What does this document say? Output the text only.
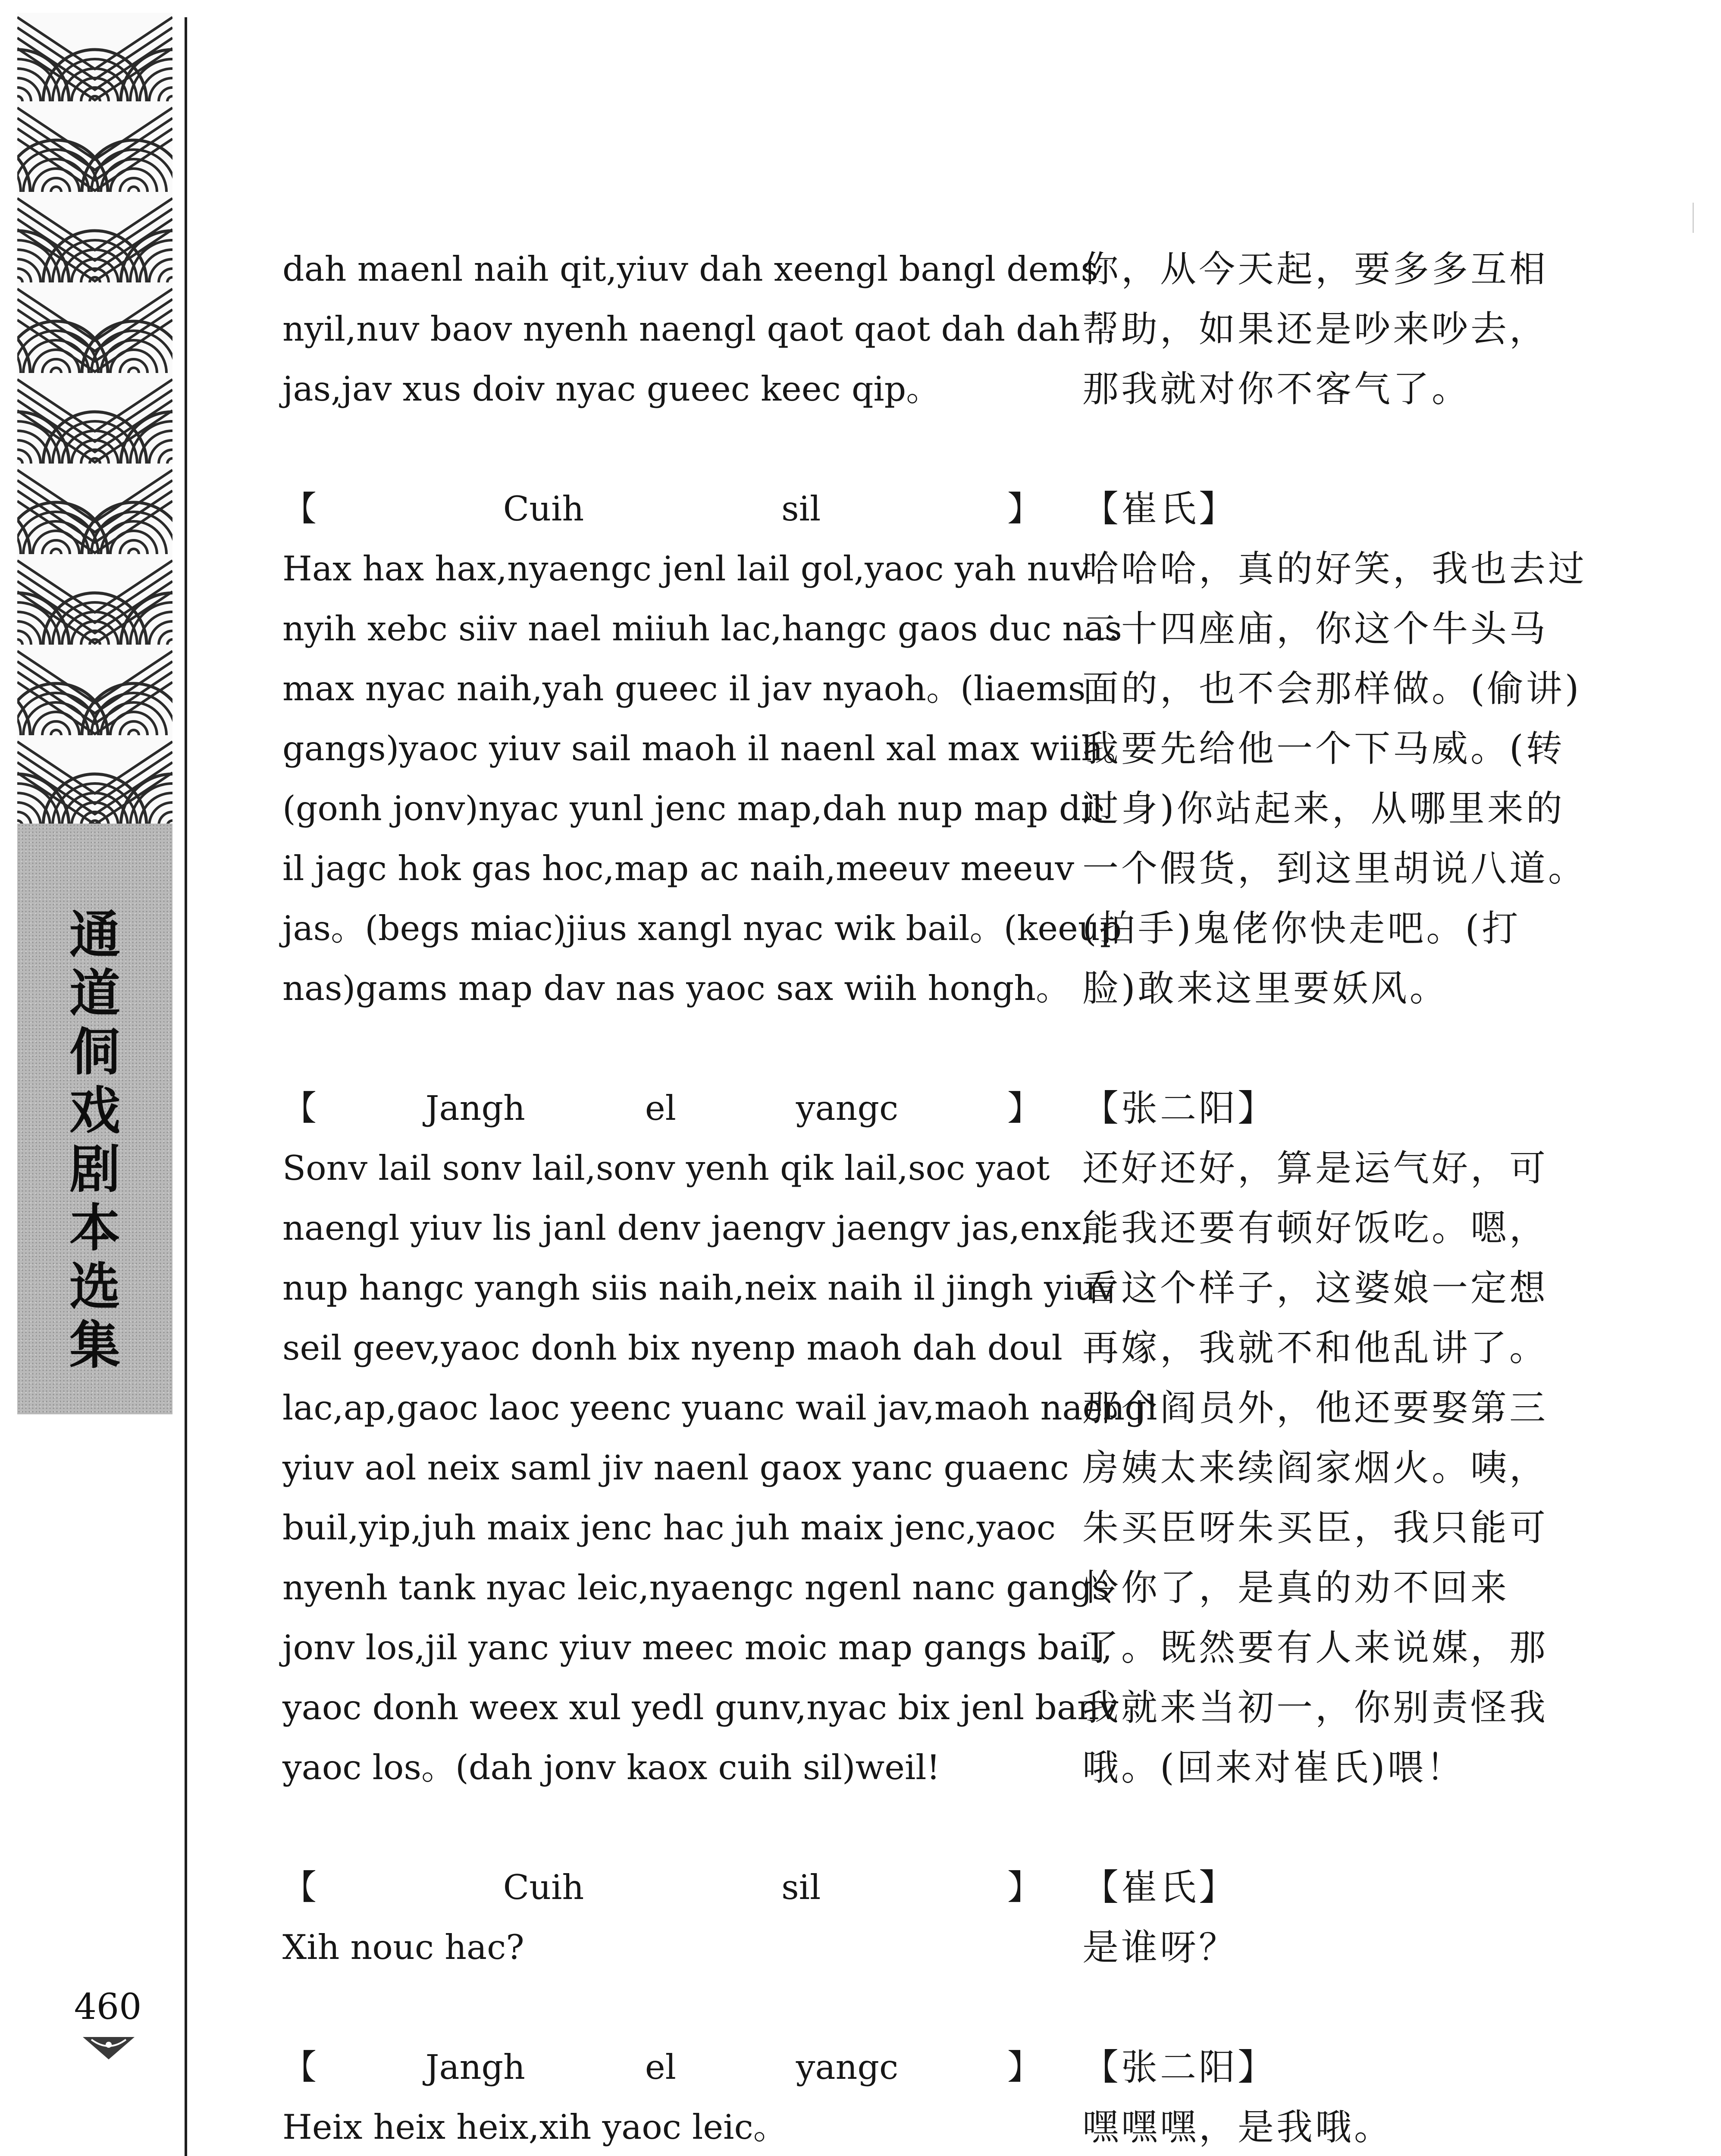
通
道
侗
戏
剧
本
选
集
460
dah maenl naih qit,yiuv dah xeengl bangl dems
nyil,nuv baov nyenh naengl qaot qaot dah dah
jas,jav xus doiv nyac gueec keec qip。
【Cuih sil】
Hax hax hax,nyaengc jenl lail gol,yaoc yah nuv
nyih xebc siiv nael miiuh lac,hangc gaos duc nas
max nyac naih,yah gueec il jav nyaoh。(liaems
gangs)yaoc yiuv sail maoh il naenl xal max wiih。
(gonh jonv)nyac yunl jenc map,dah nup map dil
il jagc hok gas hoc,map ac naih,meeuv meeuv
jas。(begs miac)jius xangl nyac wik bail。(keeup
nas)gams map dav nas yaoc sax wiih hongh。
【Jangh el yangc】
Sonv lail sonv lail,sonv yenh qik lail,soc yaot
naengl yiuv lis janl denv jaengv jaengv jas,enx,
nup hangc yangh siis naih,neix naih il jingh yiuv
seil geev,yaoc donh bix nyenp maoh dah doul
lac,ap,gaoc laoc yeenc yuanc wail jav,maoh naengl
yiuv aol neix saml jiv naenl gaox yanc guaenc
buil,yip,juh maix jenc hac juh maix jenc,yaoc
nyenh tank nyac leic,nyaengc ngenl nanc gangs
jonv los,jil yanc yiuv meec moic map gangs bail,
yaoc donh weex xul yedl gunv,nyac bix jenl banv
yaoc los。(dah jonv kaox cuih sil)weil!
【Cuih sil】
Xih nouc hac?
【Jangh el yangc】
Heix heix heix,xih yaoc leic。
你，从今天起，要多多互相
帮助，如果还是吵来吵去，
那我就对你不客气了。
【崔氏】
哈哈哈，真的好笑，我也去过
二十四座庙，你这个牛头马
面的，也不会那样做。(偷讲)
我要先给他一个下马威。(转
过身)你站起来，从哪里来的
一个假货，到这里胡说八道。
(拍手)鬼佬你快走吧。(打
脸)敢来这里要妖风。
【张二阳】
还好还好，算是运气好，可
能我还要有顿好饭吃。嗯，
看这个样子，这婆娘一定想
再嫁，我就不和他乱讲了。
那个阎员外，他还要娶第三
房姨太来续阎家烟火。咦，
朱买臣呀朱买臣，我只能可
怜你了，是真的劝不回来
了。既然要有人来说媒，那
我就来当初一，你别责怪我
哦。(回来对崔氏)喂！
【崔氏】
是谁呀？
【张二阳】
嘿嘿嘿，是我哦。
